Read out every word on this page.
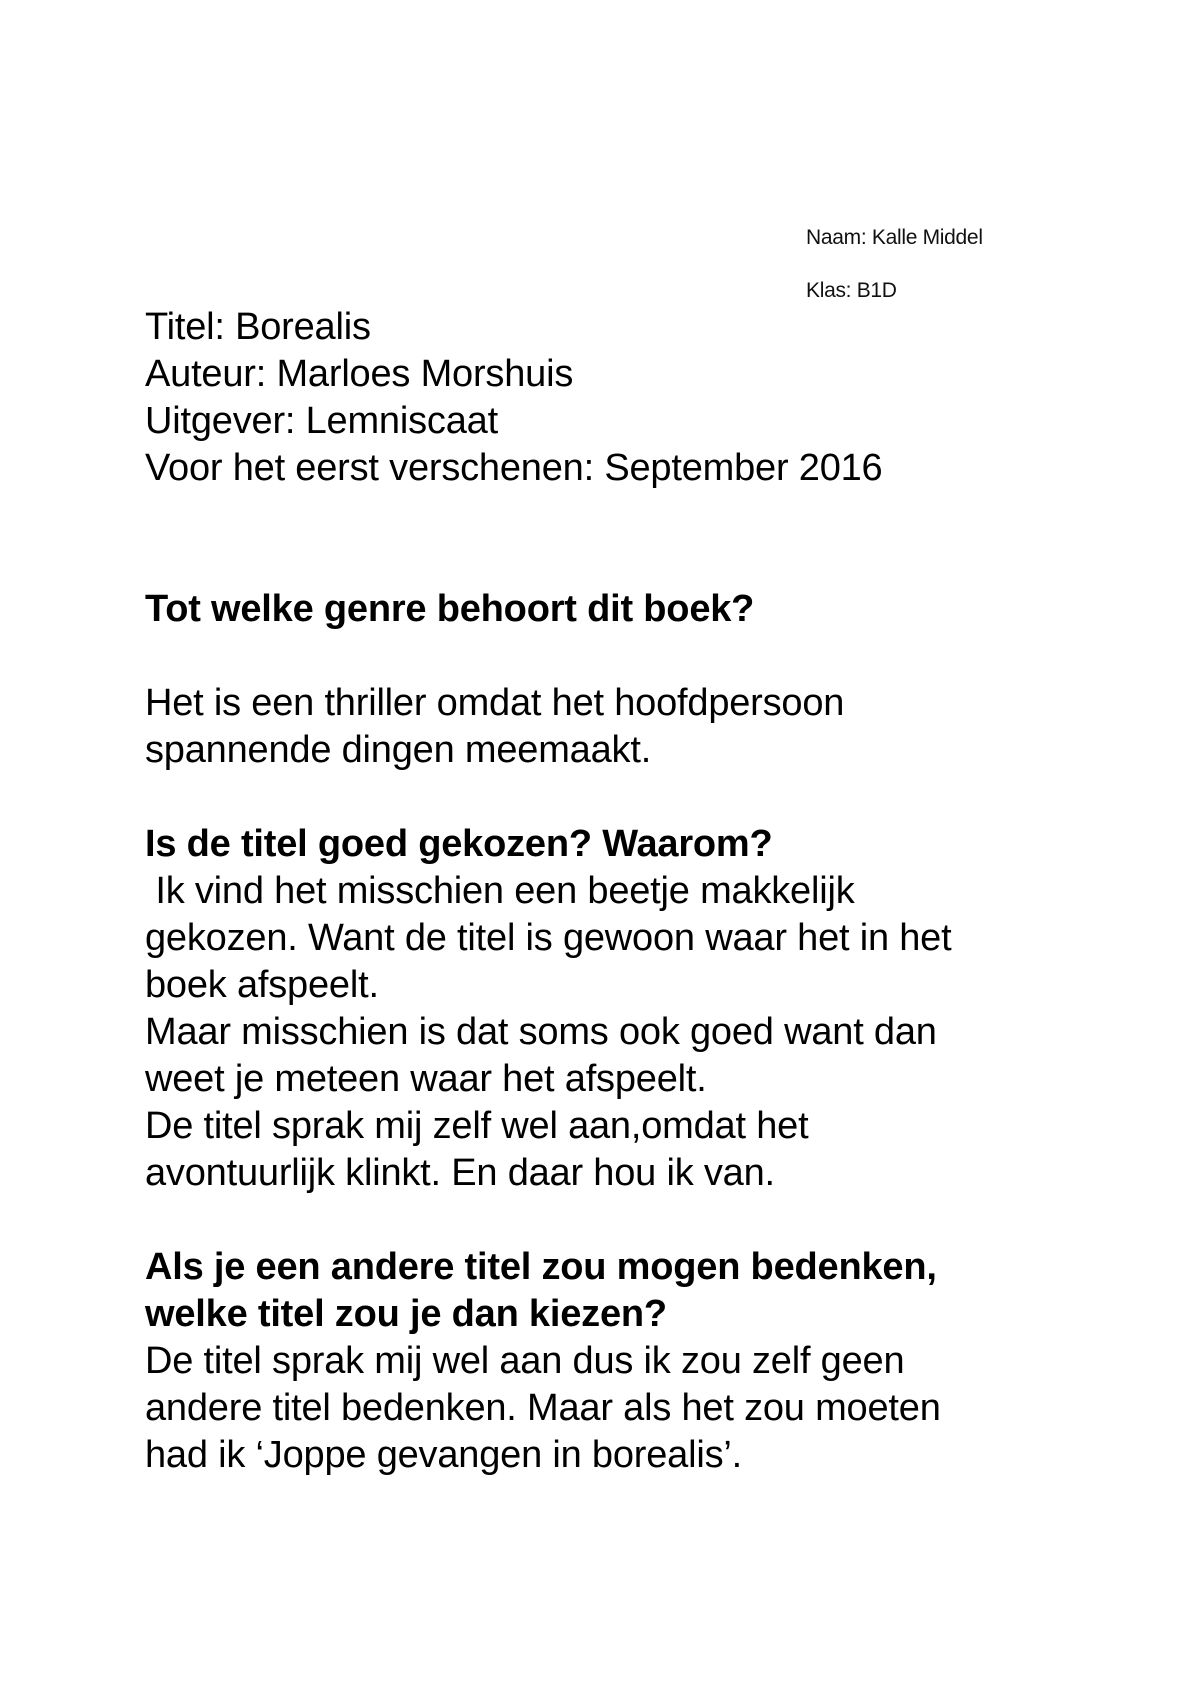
Naam: Kalle Middel
Klas: B1D

Titel: Borealis

Auteur: Marloes Morshuis

Uitgever: Lemniscaat

Voor het eerst verschenen: September 2016

Tot welke genre behoort dit boek?

Het is een thriller omdat het hoofdpersoon

spannende dingen meemaakt.

Is de titel goed gekozen? Waarom?

Ik vind het misschien een beetje makkelijk

gekozen. Want de titel is gewoon waar het in het

boek afspeelt.

Maar misschien is dat soms ook goed want dan

weet je meteen waar het afspeelt.

De titel sprak mij zelf wel aan,omdat het

avontuurlijk klinkt. En daar hou ik van.

Als je een andere titel zou mogen bedenken,

welke titel zou je dan kiezen?

De titel sprak mij wel aan dus ik zou zelf geen

andere titel bedenken. Maar als het zou moeten

had ik ‘Joppe gevangen in borealis’.
